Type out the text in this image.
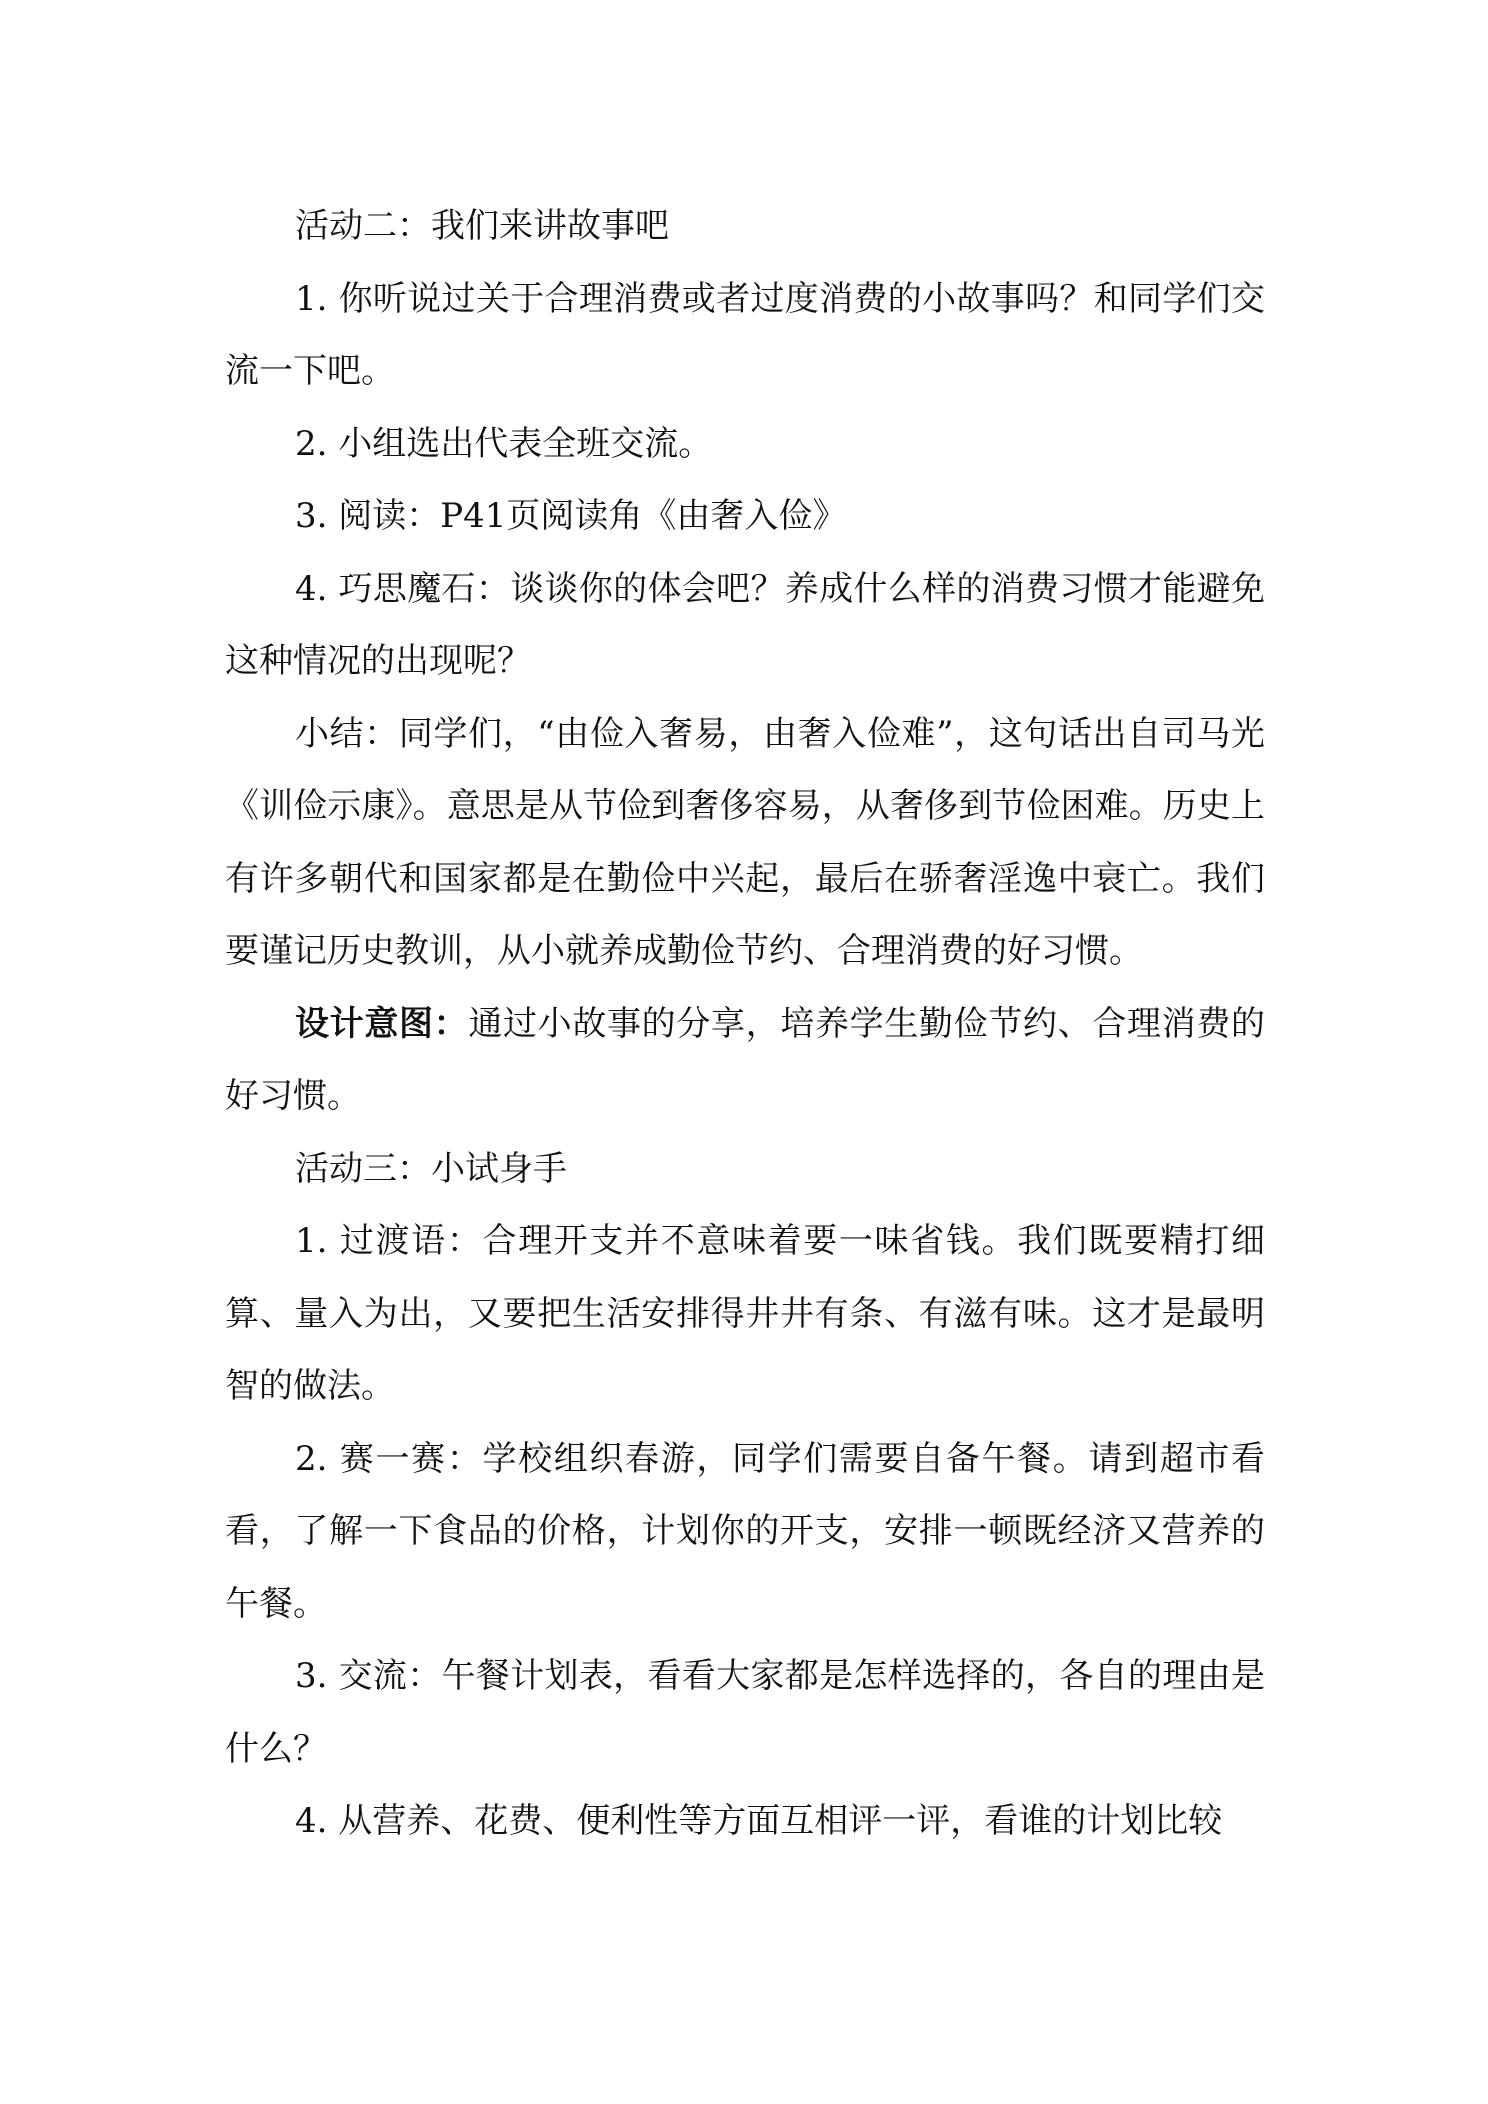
活动二：我们来讲故事吧

1. 你听说过关于合理消费或者过度消费的小故事吗？和同学们交流一下吧。

2. 小组选出代表全班交流。

3. 阅读：P41页阅读角《由奢入俭》

4. 巧思魔石：谈谈你的体会吧？养成什么样的消费习惯才能避免这种情况的出现呢？

小结：同学们，“由俭入奢易，由奢入俭难”，这句话出自司马光《训俭示康》。意思是从节俭到奢侈容易，从奢侈到节俭困难。历史上有许多朝代和国家都是在勤俭中兴起，最后在骄奢淫逸中衰亡。我们要谨记历史教训，从小就养成勤俭节约、合理消费的好习惯。

设计意图：通过小故事的分享，培养学生勤俭节约、合理消费的好习惯。

活动三：小试身手

1. 过渡语：合理开支并不意味着要一味省钱。我们既要精打细算、量入为出，又要把生活安排得井井有条、有滋有味。这才是最明智的做法。

2. 赛一赛：学校组织春游，同学们需要自备午餐。请到超市看看，了解一下食品的价格，计划你的开支，安排一顿既经济又营养的午餐。

3. 交流：午餐计划表，看看大家都是怎样选择的，各自的理由是什么？

4. 从营养、花费、便利性等方面互相评一评，看谁的计划比较
